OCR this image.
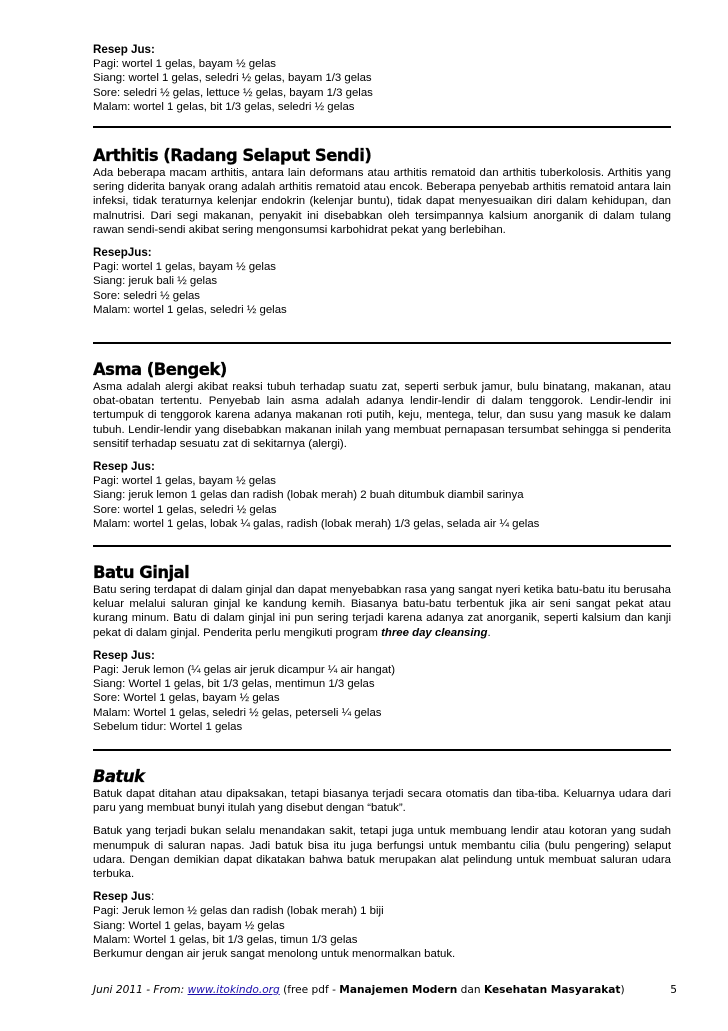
Resep Jus:
Pagi: wortel 1 gelas, bayam ½ gelas
Siang: wortel 1 gelas, seledri ½ gelas, bayam 1/3 gelas
Sore: seledri ½ gelas, lettuce ½ gelas, bayam 1/3 gelas
Malam: wortel 1 gelas, bit 1/3 gelas, seledri ½ gelas
Arthitis (Radang Selaput Sendi)
Ada beberapa macam arthitis, antara lain deformans atau arthitis rematoid dan arthitis tuberkolosis. Arthitis yang sering diderita banyak orang adalah arthitis rematoid atau encok. Beberapa penyebab arthitis rematoid antara lain infeksi, tidak teraturnya kelenjar endokrin (kelenjar buntu), tidak dapat menyesuaikan diri dalam kehidupan, dan malnutrisi. Dari segi makanan, penyakit ini disebabkan oleh tersimpannya kalsium anorganik di dalam tulang rawan sendi-sendi akibat sering mengonsumsi karbohidrat pekat yang berlebihan.
ResepJus:
Pagi: wortel 1 gelas, bayam ½ gelas
Siang: jeruk bali ½ gelas
Sore: seledri ½ gelas
Malam: wortel 1 gelas, seledri ½ gelas
Asma (Bengek)
Asma adalah alergi akibat reaksi tubuh terhadap suatu zat, seperti serbuk jamur, bulu binatang, makanan, atau obat-obatan tertentu. Penyebab lain asma adalah adanya lendir-lendir di dalam tenggorok. Lendir-lendir ini tertumpuk di tenggorok karena adanya makanan roti putih, keju, mentega, telur, dan susu yang masuk ke dalam tubuh. Lendir-lendir yang disebabkan makanan inilah yang membuat pernapasan tersumbat sehingga si penderita sensitif terhadap sesuatu zat di sekitarnya (alergi).
Resep Jus:
Pagi: wortel 1 gelas, bayam ½ gelas
Siang: jeruk lemon 1 gelas dan radish (lobak merah) 2 buah ditumbuk diambil sarinya
Sore: wortel 1 gelas, seledri ½ gelas
Malam: wortel 1 gelas, lobak ¼ galas, radish (lobak merah) 1/3 gelas, selada air ¼ gelas
Batu Ginjal
Batu sering terdapat di dalam ginjal dan dapat menyebabkan rasa yang sangat nyeri ketika batu-batu itu berusaha keluar melalui saluran ginjal ke kandung kemih. Biasanya batu-batu terbentuk jika air seni sangat pekat atau kurang minum. Batu di dalam ginjal ini pun sering terjadi karena adanya zat anorganik, seperti kalsium dan kanji pekat di dalam ginjal. Penderita perlu mengikuti program three day cleansing.
Resep Jus:
Pagi: Jeruk lemon (¼ gelas air jeruk dicampur ¼ air hangat)
Siang: Wortel 1 gelas, bit 1/3 gelas, mentimun 1/3 gelas
Sore: Wortel 1 gelas, bayam ½ gelas
Malam: Wortel 1 gelas, seledri ½ gelas, peterseli ¼ gelas
Sebelum tidur: Wortel 1 gelas
Batuk
Batuk dapat ditahan atau dipaksakan, tetapi biasanya terjadi secara otomatis dan tiba-tiba. Keluarnya udara dari paru yang membuat bunyi itulah yang disebut dengan “batuk”.
Batuk yang terjadi bukan selalu menandakan sakit, tetapi juga untuk membuang lendir atau kotoran yang sudah menumpuk di saluran napas. Jadi batuk bisa itu juga berfungsi untuk membantu cilia (bulu pengering) selaput udara. Dengan demikian dapat dikatakan bahwa batuk merupakan alat pelindung untuk membuat saluran udara terbuka.
Resep Jus:
Pagi: Jeruk lemon ½ gelas dan radish (lobak merah) 1 biji
Siang: Wortel 1 gelas, bayam ½ gelas
Malam: Wortel 1 gelas, bit 1/3 gelas, timun 1/3 gelas
Berkumur dengan air jeruk sangat menolong untuk menormalkan batuk.
Juni 2011 - From: www.itokindo.org (free pdf - Manajemen Modern dan Kesehatan Masyarakat)	5
